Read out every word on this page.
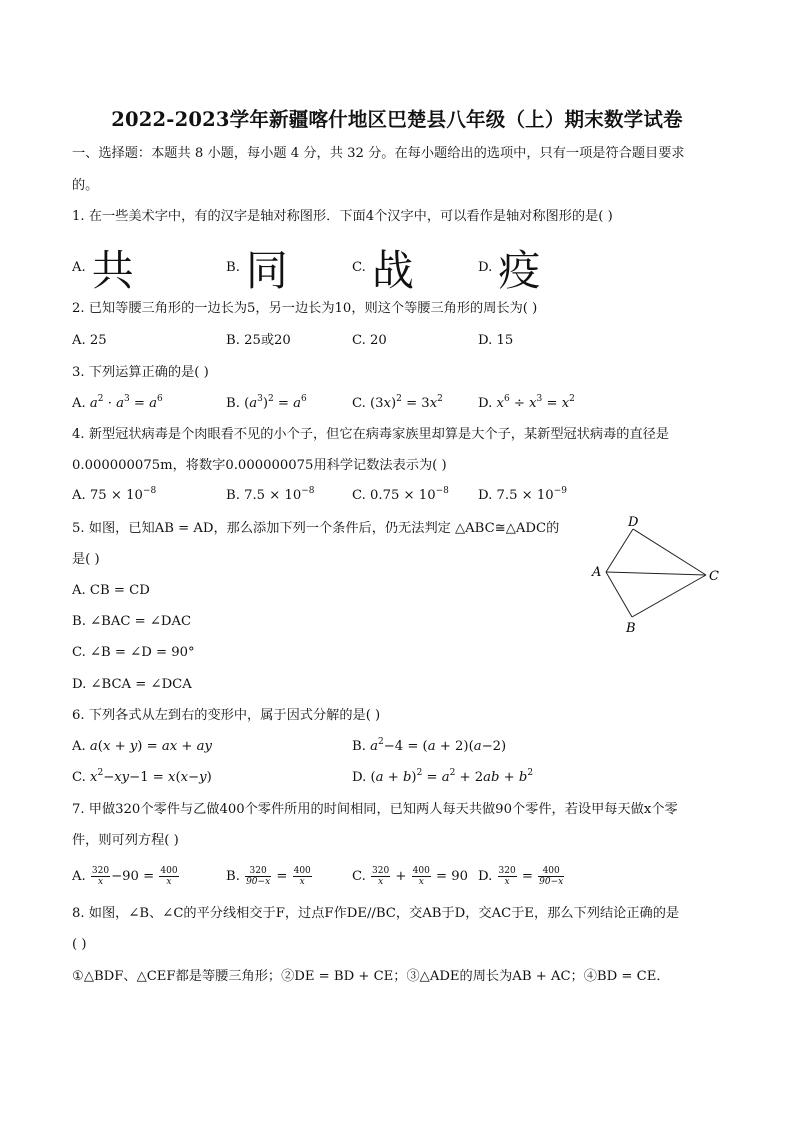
2022-2023学年新疆喀什地区巴楚县八年级（上）期末数学试卷
一、选择题：本题共 8 小题，每小题 4 分，共 32 分。在每小题给出的选项中，只有一项是符合题目要求
的。
1. 在一些美术字中，有的汉字是轴对称图形．下面4个汉字中，可以看作是轴对称图形的是( )
A. 共	B. 同	C. 战	D. 疫
2. 已知等腰三角形的一边长为5，另一边长为10，则这个等腰三角形的周长为( )
A. 25	B. 25或20	C. 20	D. 15
3. 下列运算正确的是( )
A. $a^2 \cdot a^3 = a^6$	B. $(a^3)^2 = a^6$	C. $(3x)^2 = 3x^2$	D. $x^6 \div x^3 = x^2$
4. 新型冠状病毒是个肉眼看不见的小个子，但它在病毒家族里却算是大个子，某新型冠状病毒的直径是
0.000000075m，将数字0.000000075用科学记数法表示为( )
A. $75 \times 10^{-8}$	B. $7.5 \times 10^{-8}$	C. $0.75 \times 10^{-8}$ D. $7.5 \times 10^{-9}$
5. 如图，已知AB = AD，那么添加下列一个条件后，仍无法判定 △ABC≅△ADC的
是( )
A. CB = CD
B. ∠BAC = ∠DAC
C. ∠B = ∠D = 90°
D. ∠BCA = ∠DCA
D
A	C
B
6. 下列各式从左到右的变形中，属于因式分解的是( )
A. a(x + y) = ax + ay	B. $a^2-4 = (a + 2)(a-2)$
C. $x^2-xy-1 = x(x-y)$	D. $(a + b)^2 = a^2 + 2ab + b^2$
7. 甲做320个零件与乙做400个零件所用的时间相同，已知两人每天共做90个零件，若设甲每天做x个零
件，则可列方程( )
A. $\frac{320}{x} -90 = \frac{400}{x}$	B. $\frac{320}{90-x} = \frac{400}{x}$	C. $\frac{320}{x} + \frac{400}{x} = 90$ D. $\frac{320}{x} = \frac{400}{90-x}$
8. 如图，∠B、∠C的平分线相交于F，过点F作DE//BC，交AB于D，交AC于E，那么下列结论正确的是
( )
①△BDF、△CEF都是等腰三角形；②DE = BD + CE；③△ADE的周长为AB + AC；④BD = CE．
